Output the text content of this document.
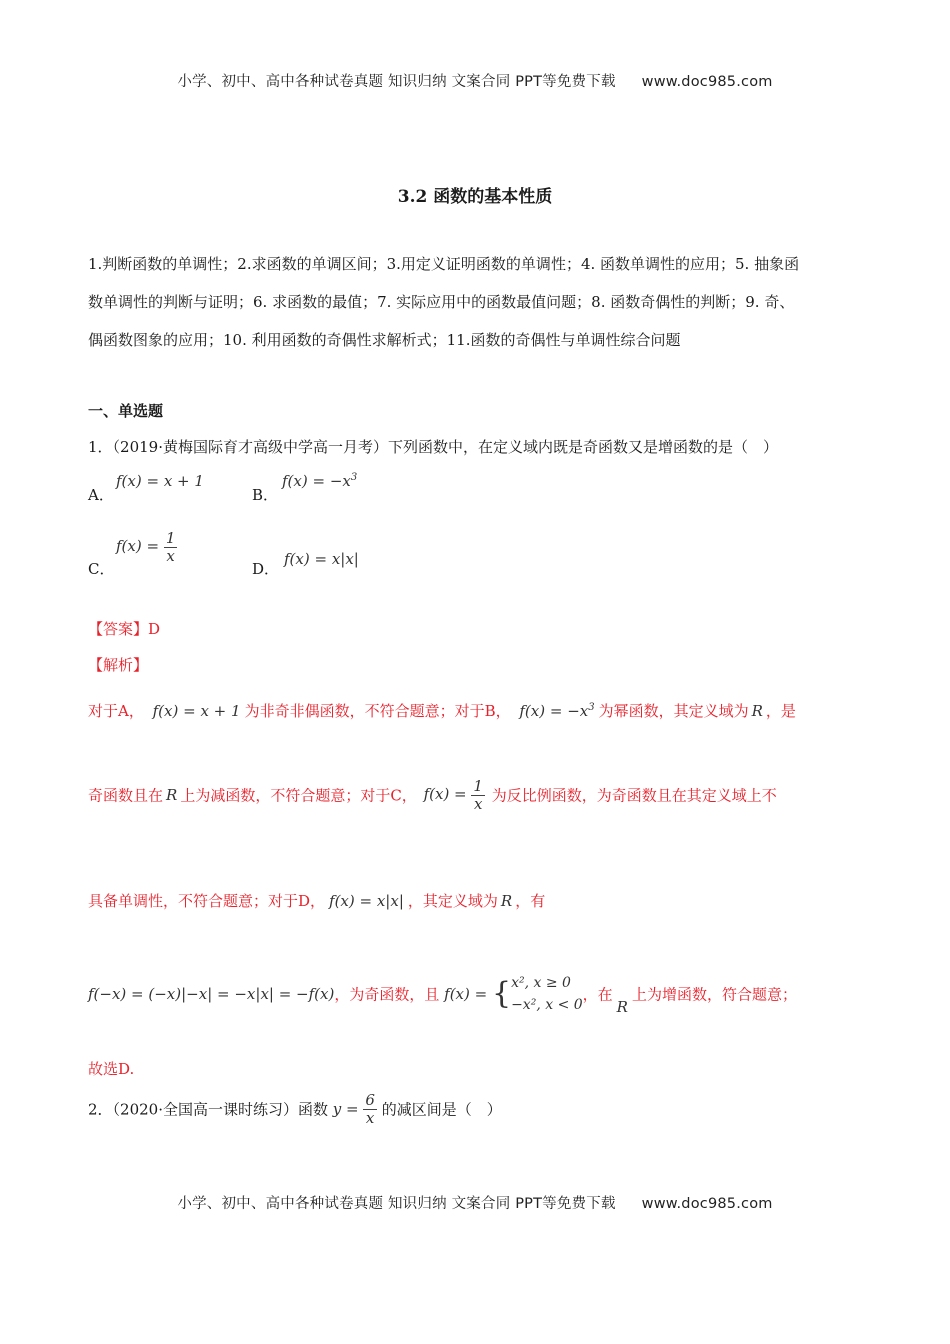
小学、初中、高中各种试卷真题 知识归纳 文案合同 PPT等免费下载 www.doc985.com
3.2 函数的基本性质
1.判断函数的单调性；2.求函数的单调区间；3.用定义证明函数的单调性；4. 函数单调性的应用；5. 抽象函
数单调性的判断与证明；6. 求函数的最值；7. 实际应用中的函数最值问题；8. 函数奇偶性的判断；9. 奇、
偶函数图象的应用；10. 利用函数的奇偶性求解析式；11.函数的奇偶性与单调性综合问题
一、单选题
1．（2019·黄梅国际育才高级中学高一月考）下列函数中，在定义域内既是奇函数又是增函数的是（　）
A．
f(x) = x + 1
B．
$f(x) = -x^3$
C．
$f(x) = \frac{1}{x}$
D．
f(x) = x|x|
【答案】D
【解析】
对于A， f(x) = x + 1 为非奇非偶函数，不符合题意；对于B， $f(x) = -x^3$ 为幂函数，其定义域为 R ，是
奇函数且在 R 上为减函数，不符合题意；对于C， $f(x) = \frac{1}{x}$ 为反比例函数，为奇函数且在其定义域上不
具备单调性，不符合题意；对于D， f(x) = x|x| ，其定义域为 R ，有
f(−x) = (−x)|−x| = −x|x| = −f(x)，为奇函数，且 f(x) = { x², x ≥ 0
−x², x < 0
，在R上为增函数，符合题意；
故选D.
2．（2020·全国高一课时练习）函数 $y = \frac{6}{x}$ 的减区间是（　）
小学、初中、高中各种试卷真题 知识归纳 文案合同 PPT等免费下载 www.doc985.com
